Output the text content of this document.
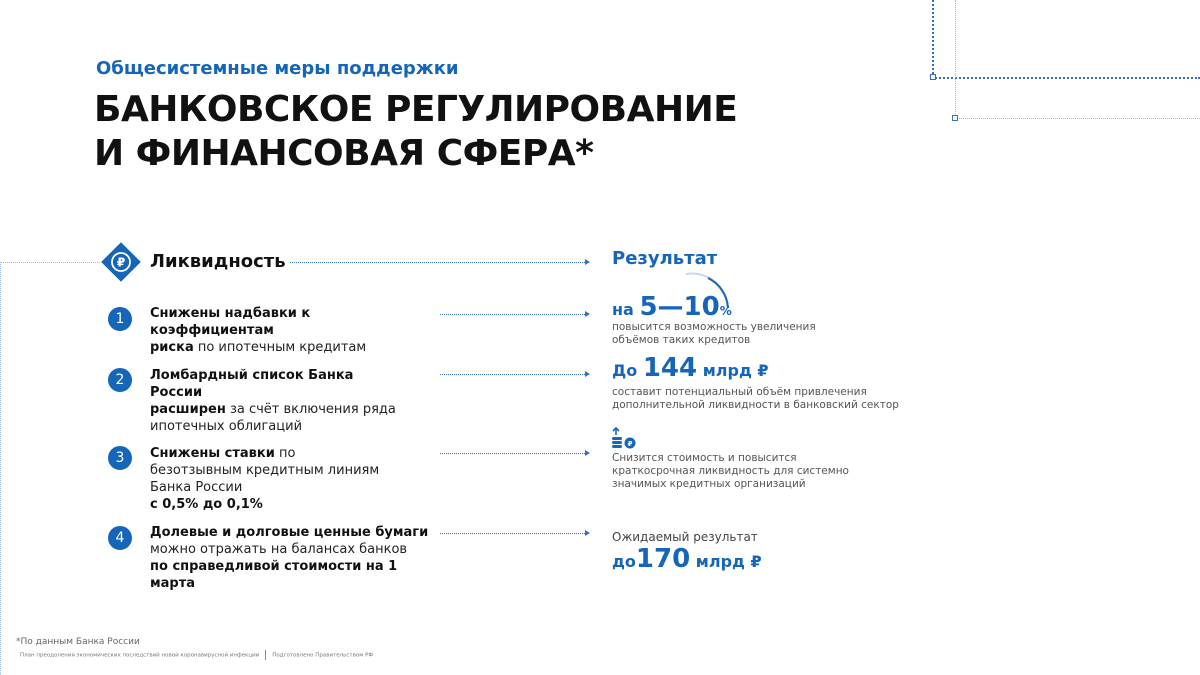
Общесистемные меры поддержки
БАНКОВСКОЕ РЕГУЛИРОВАНИЕ
И ФИНАНСОВАЯ СФЕРА*
₽ Ликвидность	Результат
1	Снижены надбавки к коэффициентам
риска по ипотечным кредитам
2	Ломбардный список Банка России
расширен за счёт включения ряда ипотечных облигаций
3	Снижены ставки по безотзывным кредитным линиям Банка России
с 0,5% до 0,1%
4	Долевые и долговые ценные бумаги
можно отражать на балансах банков
по справедливой стоимости на 1 марта
на 5—10%
повысится возможность увеличения
объёмов таких кредитов
До 144 млрд ₽
составит потенциальный объём привлечения
дополнительной ликвидности в банковский сектор
₽
Снизится стоимость и повысится
краткосрочная ликвидность для системно
значимых кредитных организаций
Ожидаемый результат
до170 млрд ₽
*По данным Банка России
План преодоления экономических последствий новой коронавирусной инфекции Подготовлено Правительством РФ
